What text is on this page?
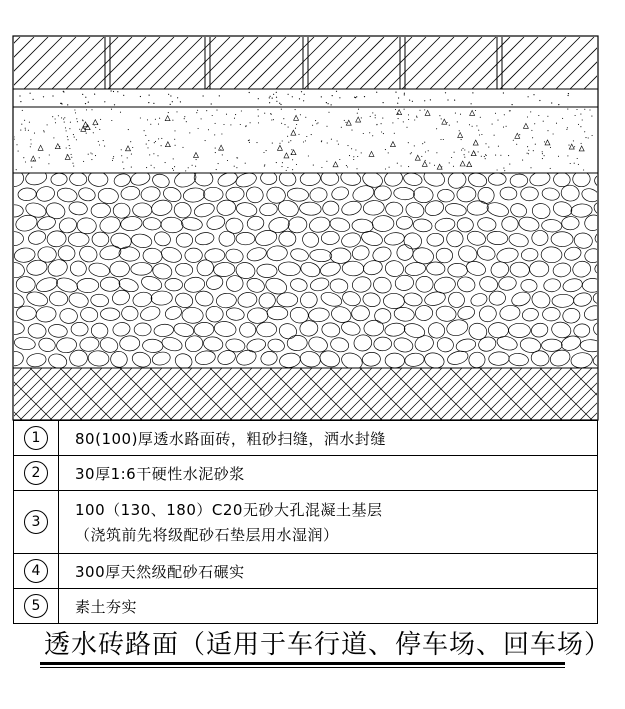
1	80(100)厚透水路面砖，粗砂扫缝，洒水封缝
2	30厚1:6干硬性水泥砂浆
3	100（130、180）C20无砂大孔混凝土基层
（浇筑前先将级配砂石垫层用水湿润）

4	300厚天然级配砂石碾实
5	素土夯实
透水砖路面（适用于车行道、停车场、回车场）
